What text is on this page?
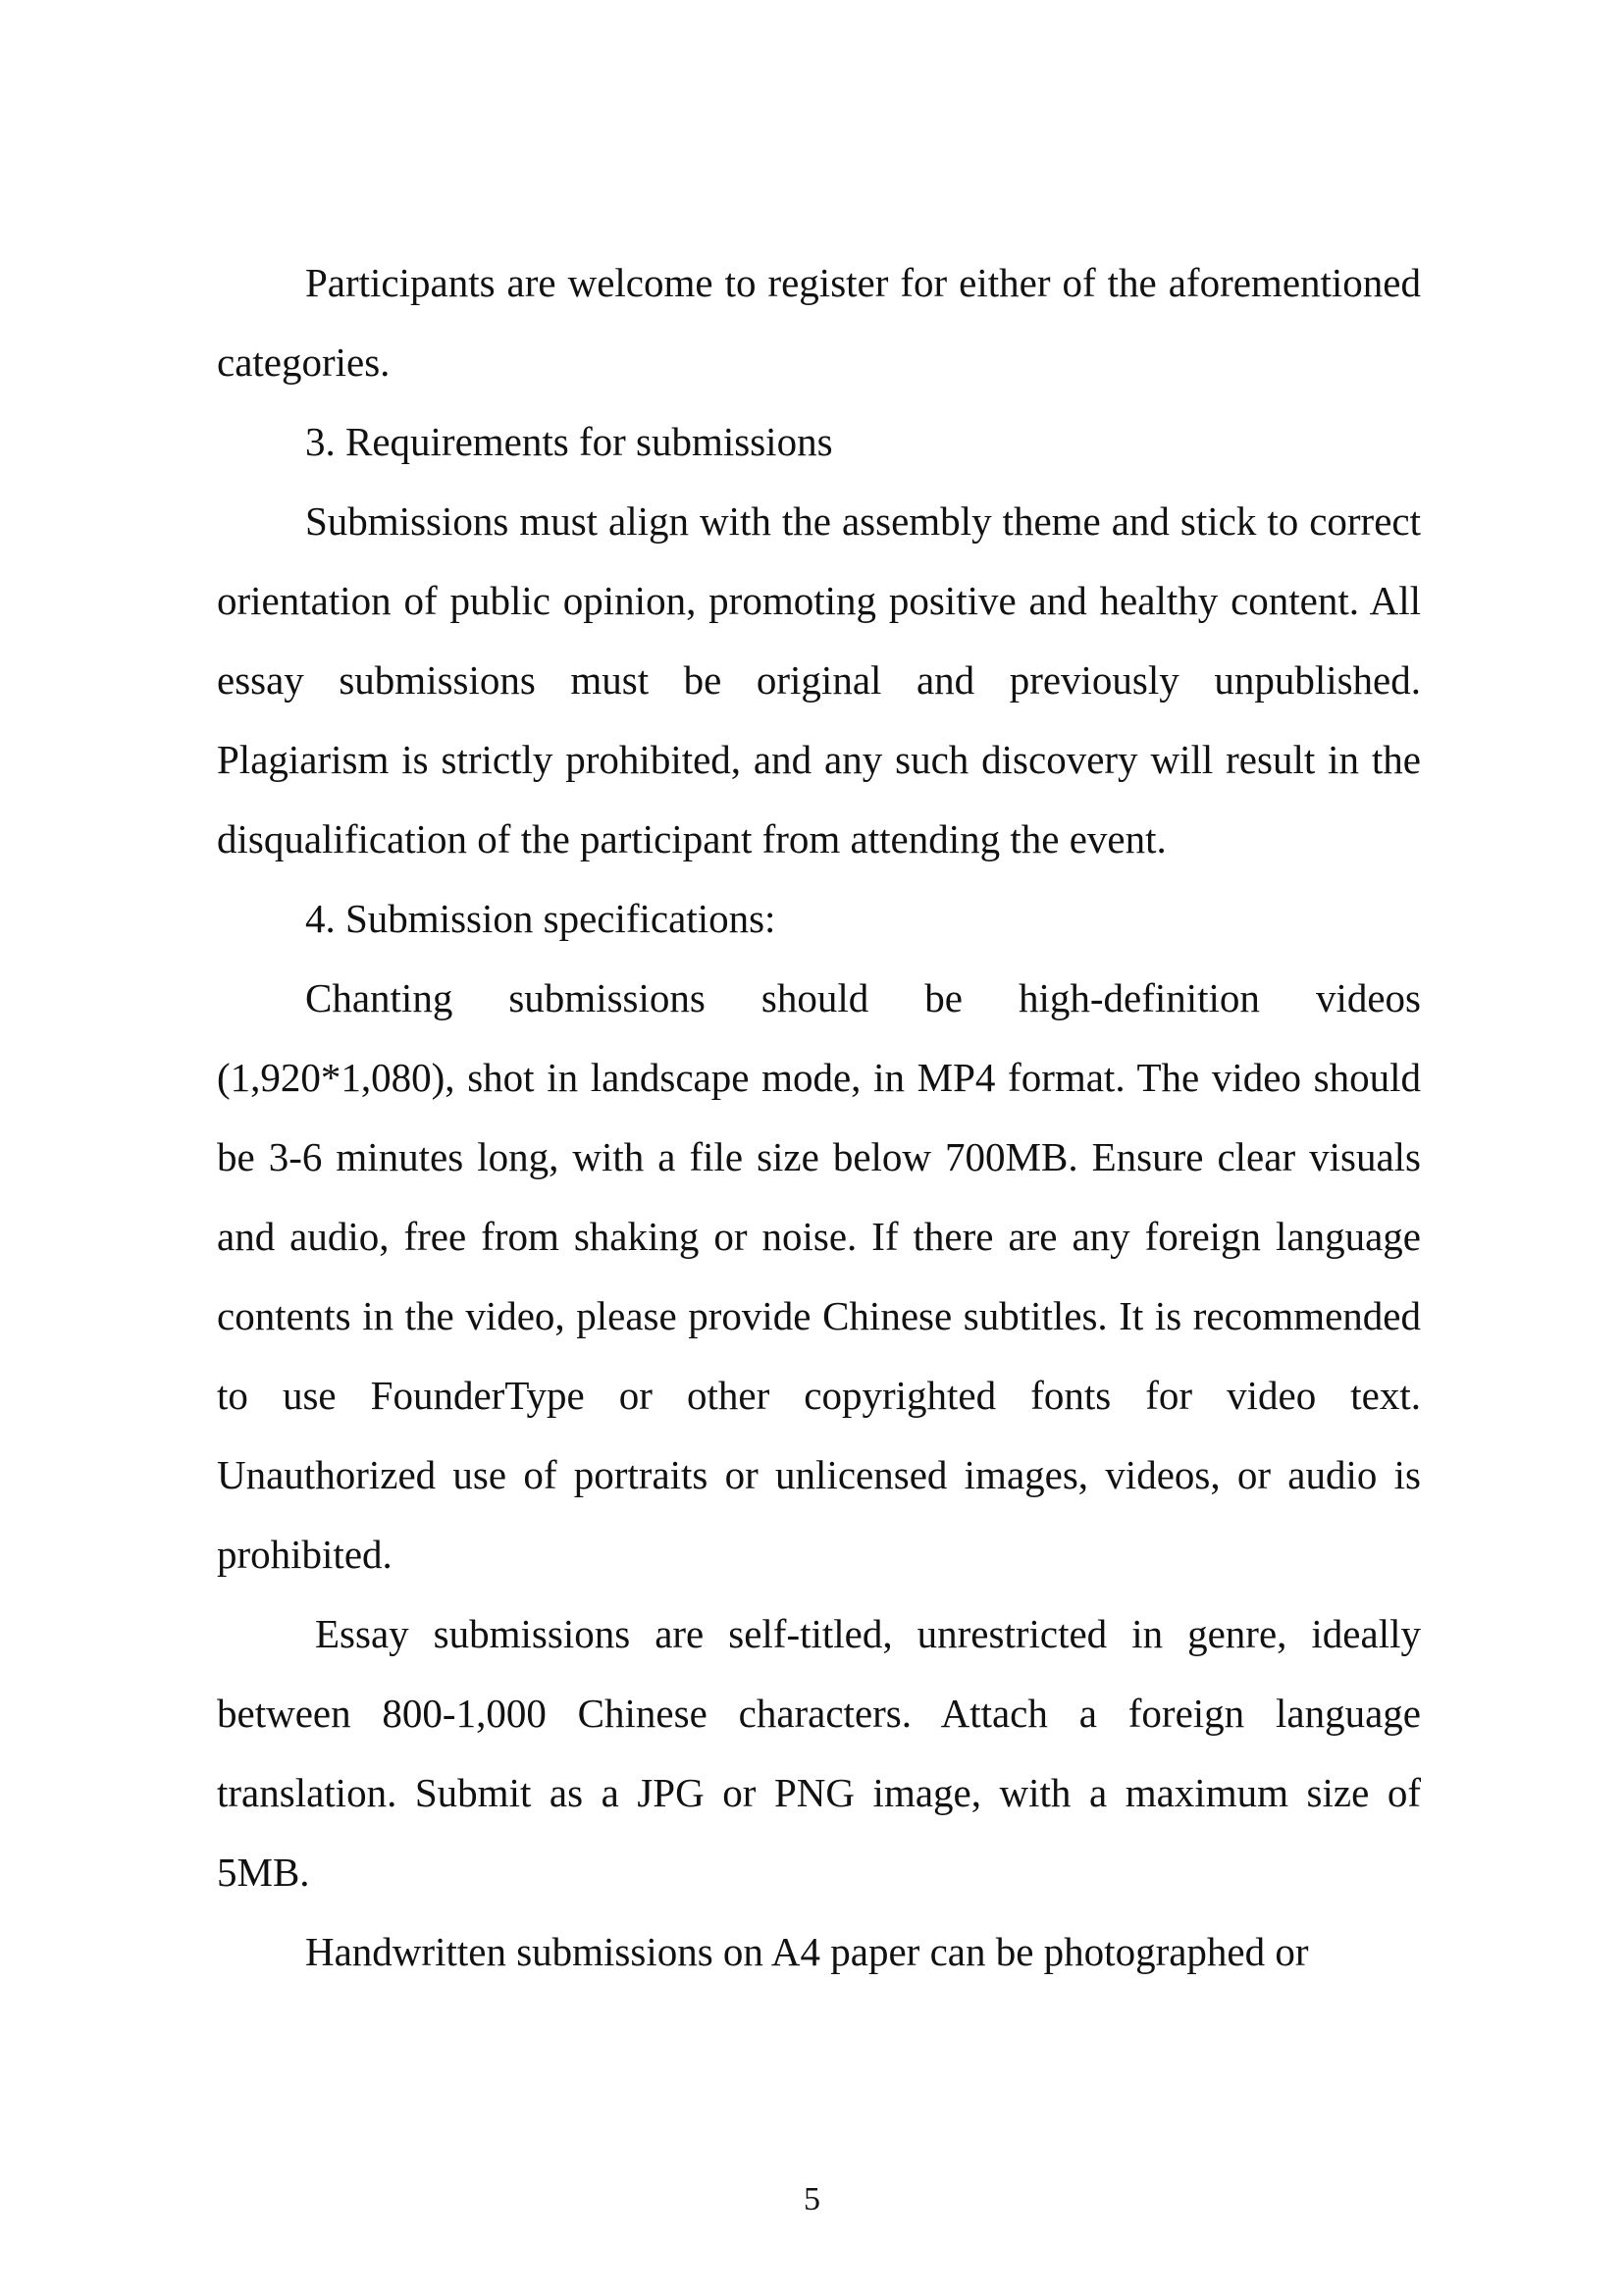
Participants are welcome to register for either of the aforementioned categories.

3. Requirements for submissions

Submissions must align with the assembly theme and stick to correct orientation of public opinion, promoting positive and healthy content. All essay submissions must be original and previously unpublished. Plagiarism is strictly prohibited, and any such discovery will result in the disqualification of the participant from attending the event.

4. Submission specifications:

Chanting submissions should be high-definition videos (1,920*1,080), shot in landscape mode, in MP4 format. The video should be 3-6 minutes long, with a file size below 700MB. Ensure clear visuals and audio, free from shaking or noise. If there are any foreign language contents in the video, please provide Chinese subtitles. It is recommended to use FounderType or other copyrighted fonts for video text. Unauthorized use of portraits or unlicensed images, videos, or audio is prohibited.

Essay submissions are self-titled, unrestricted in genre, ideally between 800-1,000 Chinese characters. Attach a foreign language translation. Submit as a JPG or PNG image, with a maximum size of 5MB.

Handwritten submissions on A4 paper can be photographed or

5
